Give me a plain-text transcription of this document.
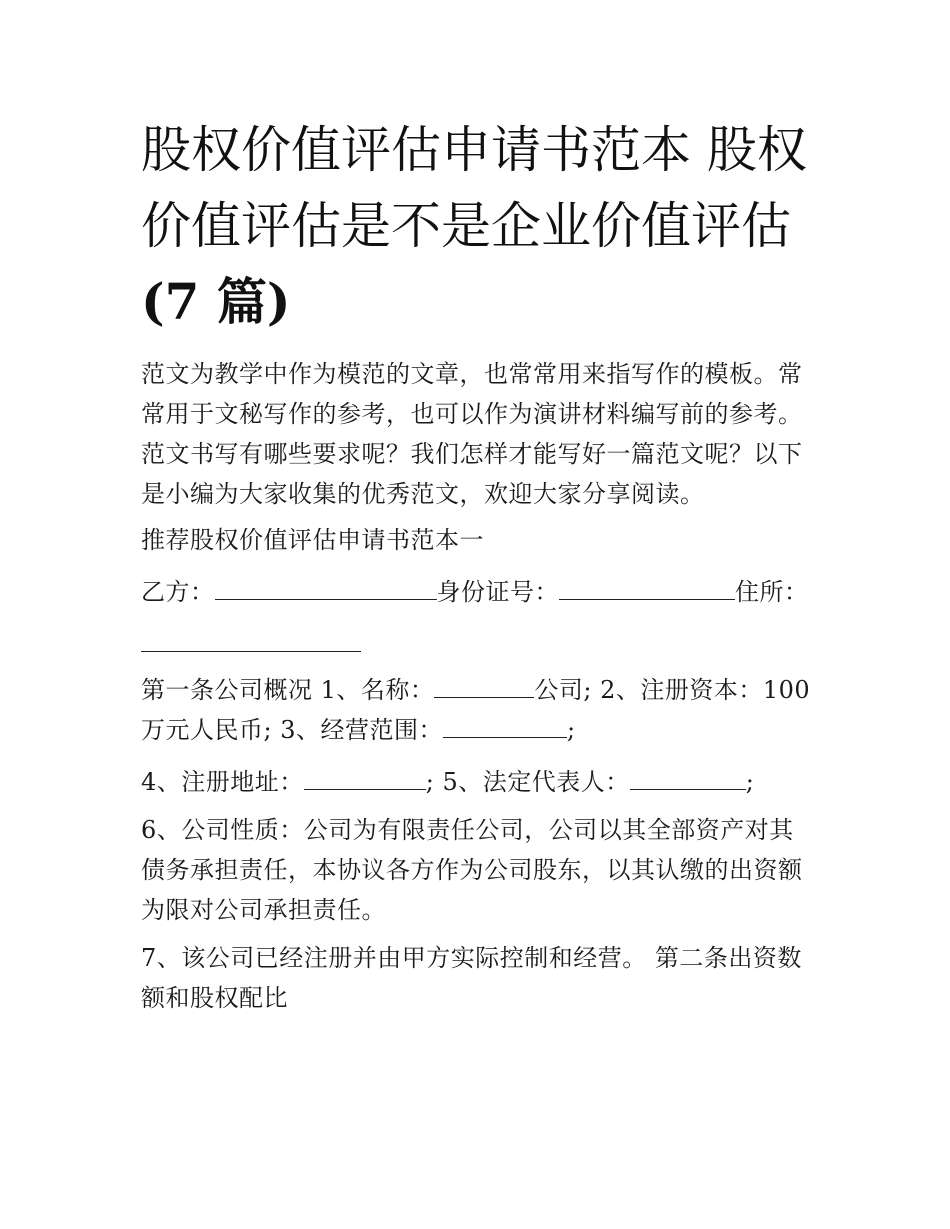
股权价值评估申请书范本 股权
价值评估是不是企业价值评估
(7 篇)

范文为教学中作为模范的文章，也常常用来指写作的模板。常常用于文秘写作的参考，也可以作为演讲材料编写前的参考。范文书写有哪些要求呢？我们怎样才能写好一篇范文呢？以下是小编为大家收集的优秀范文，欢迎大家分享阅读。

推荐股权价值评估申请书范本一
乙方：	身份证号：	住所：
第一条公司概况 1、名称：	公司; 2、注册资本：100
万元人民币; 3、经营范围：	;
4、注册地址：	; 5、法定代表人：	;

6、公司性质：公司为有限责任公司，公司以其全部资产对其债务承担责任，本协议各方作为公司股东，以其认缴的出资额为限对公司承担责任。

7、该公司已经注册并由甲方实际控制和经营。 第二条出资数额和股权配比
